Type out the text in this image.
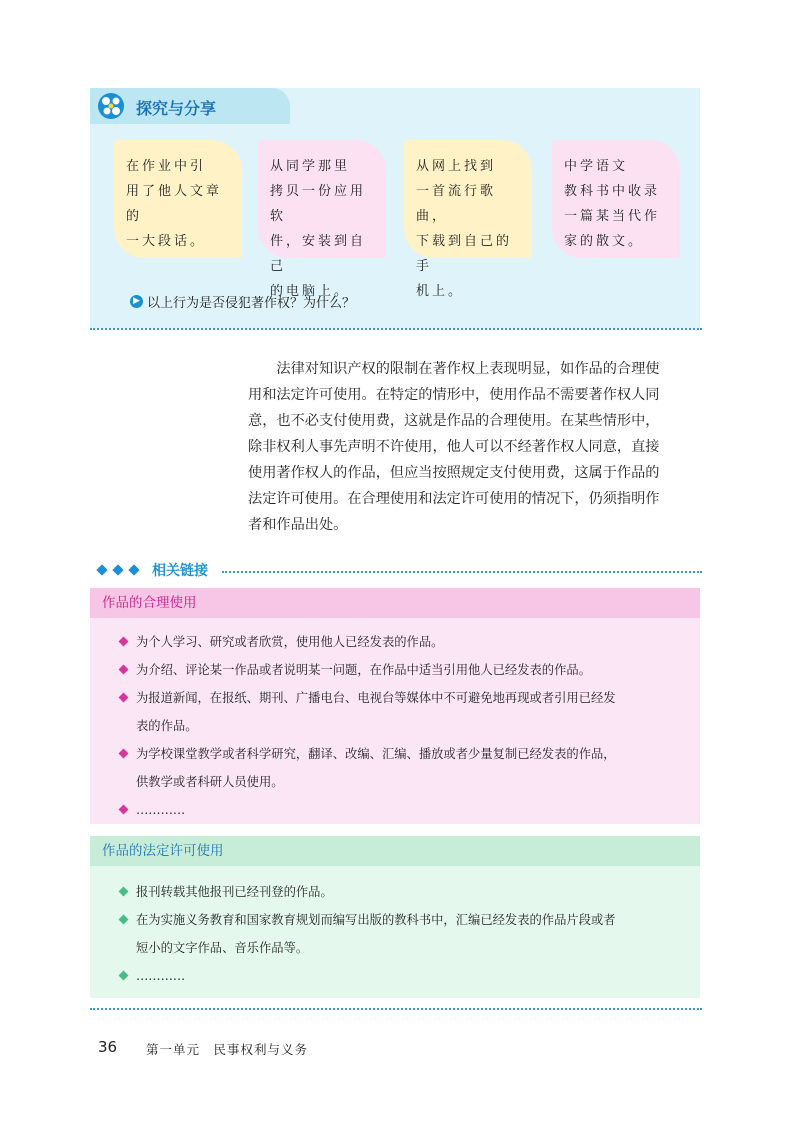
探究与分享
在作业中引
用了他人文章的
一大段话。
从同学那里
拷贝一份应用软
件，安装到自己
的电脑上。
从网上找到
一首流行歌曲，
下载到自己的手
机上。
中学语文
教科书中收录
一篇某当代作
家的散文。
▶ 以上行为是否侵犯著作权？为什么？
　　法律对知识产权的限制在著作权上表现明显，如作品的合理使
用和法定许可使用。在特定的情形中，使用作品不需要著作权人同
意，也不必支付使用费，这就是作品的合理使用。在某些情形中，
除非权利人事先声明不许使用，他人可以不经著作权人同意，直接
使用著作权人的作品，但应当按照规定支付使用费，这属于作品的
法定许可使用。在合理使用和法定许可使用的情况下，仍须指明作
者和作品出处。
相关链接
作品的合理使用
为个人学习、研究或者欣赏，使用他人已经发表的作品。
为介绍、评论某一作品或者说明某一问题，在作品中适当引用他人已经发表的作品。
为报道新闻，在报纸、期刊、广播电台、电视台等媒体中不可避免地再现或者引用已经发
表的作品。
为学校课堂教学或者科学研究，翻译、改编、汇编、播放或者少量复制已经发表的作品，
供教学或者科研人员使用。
…………
作品的法定许可使用
报刊转载其他报刊已经刊登的作品。
在为实施义务教育和国家教育规划而编写出版的教科书中，汇编已经发表的作品片段或者
短小的文字作品、音乐作品等。
…………
36 第一单元　民事权利与义务
